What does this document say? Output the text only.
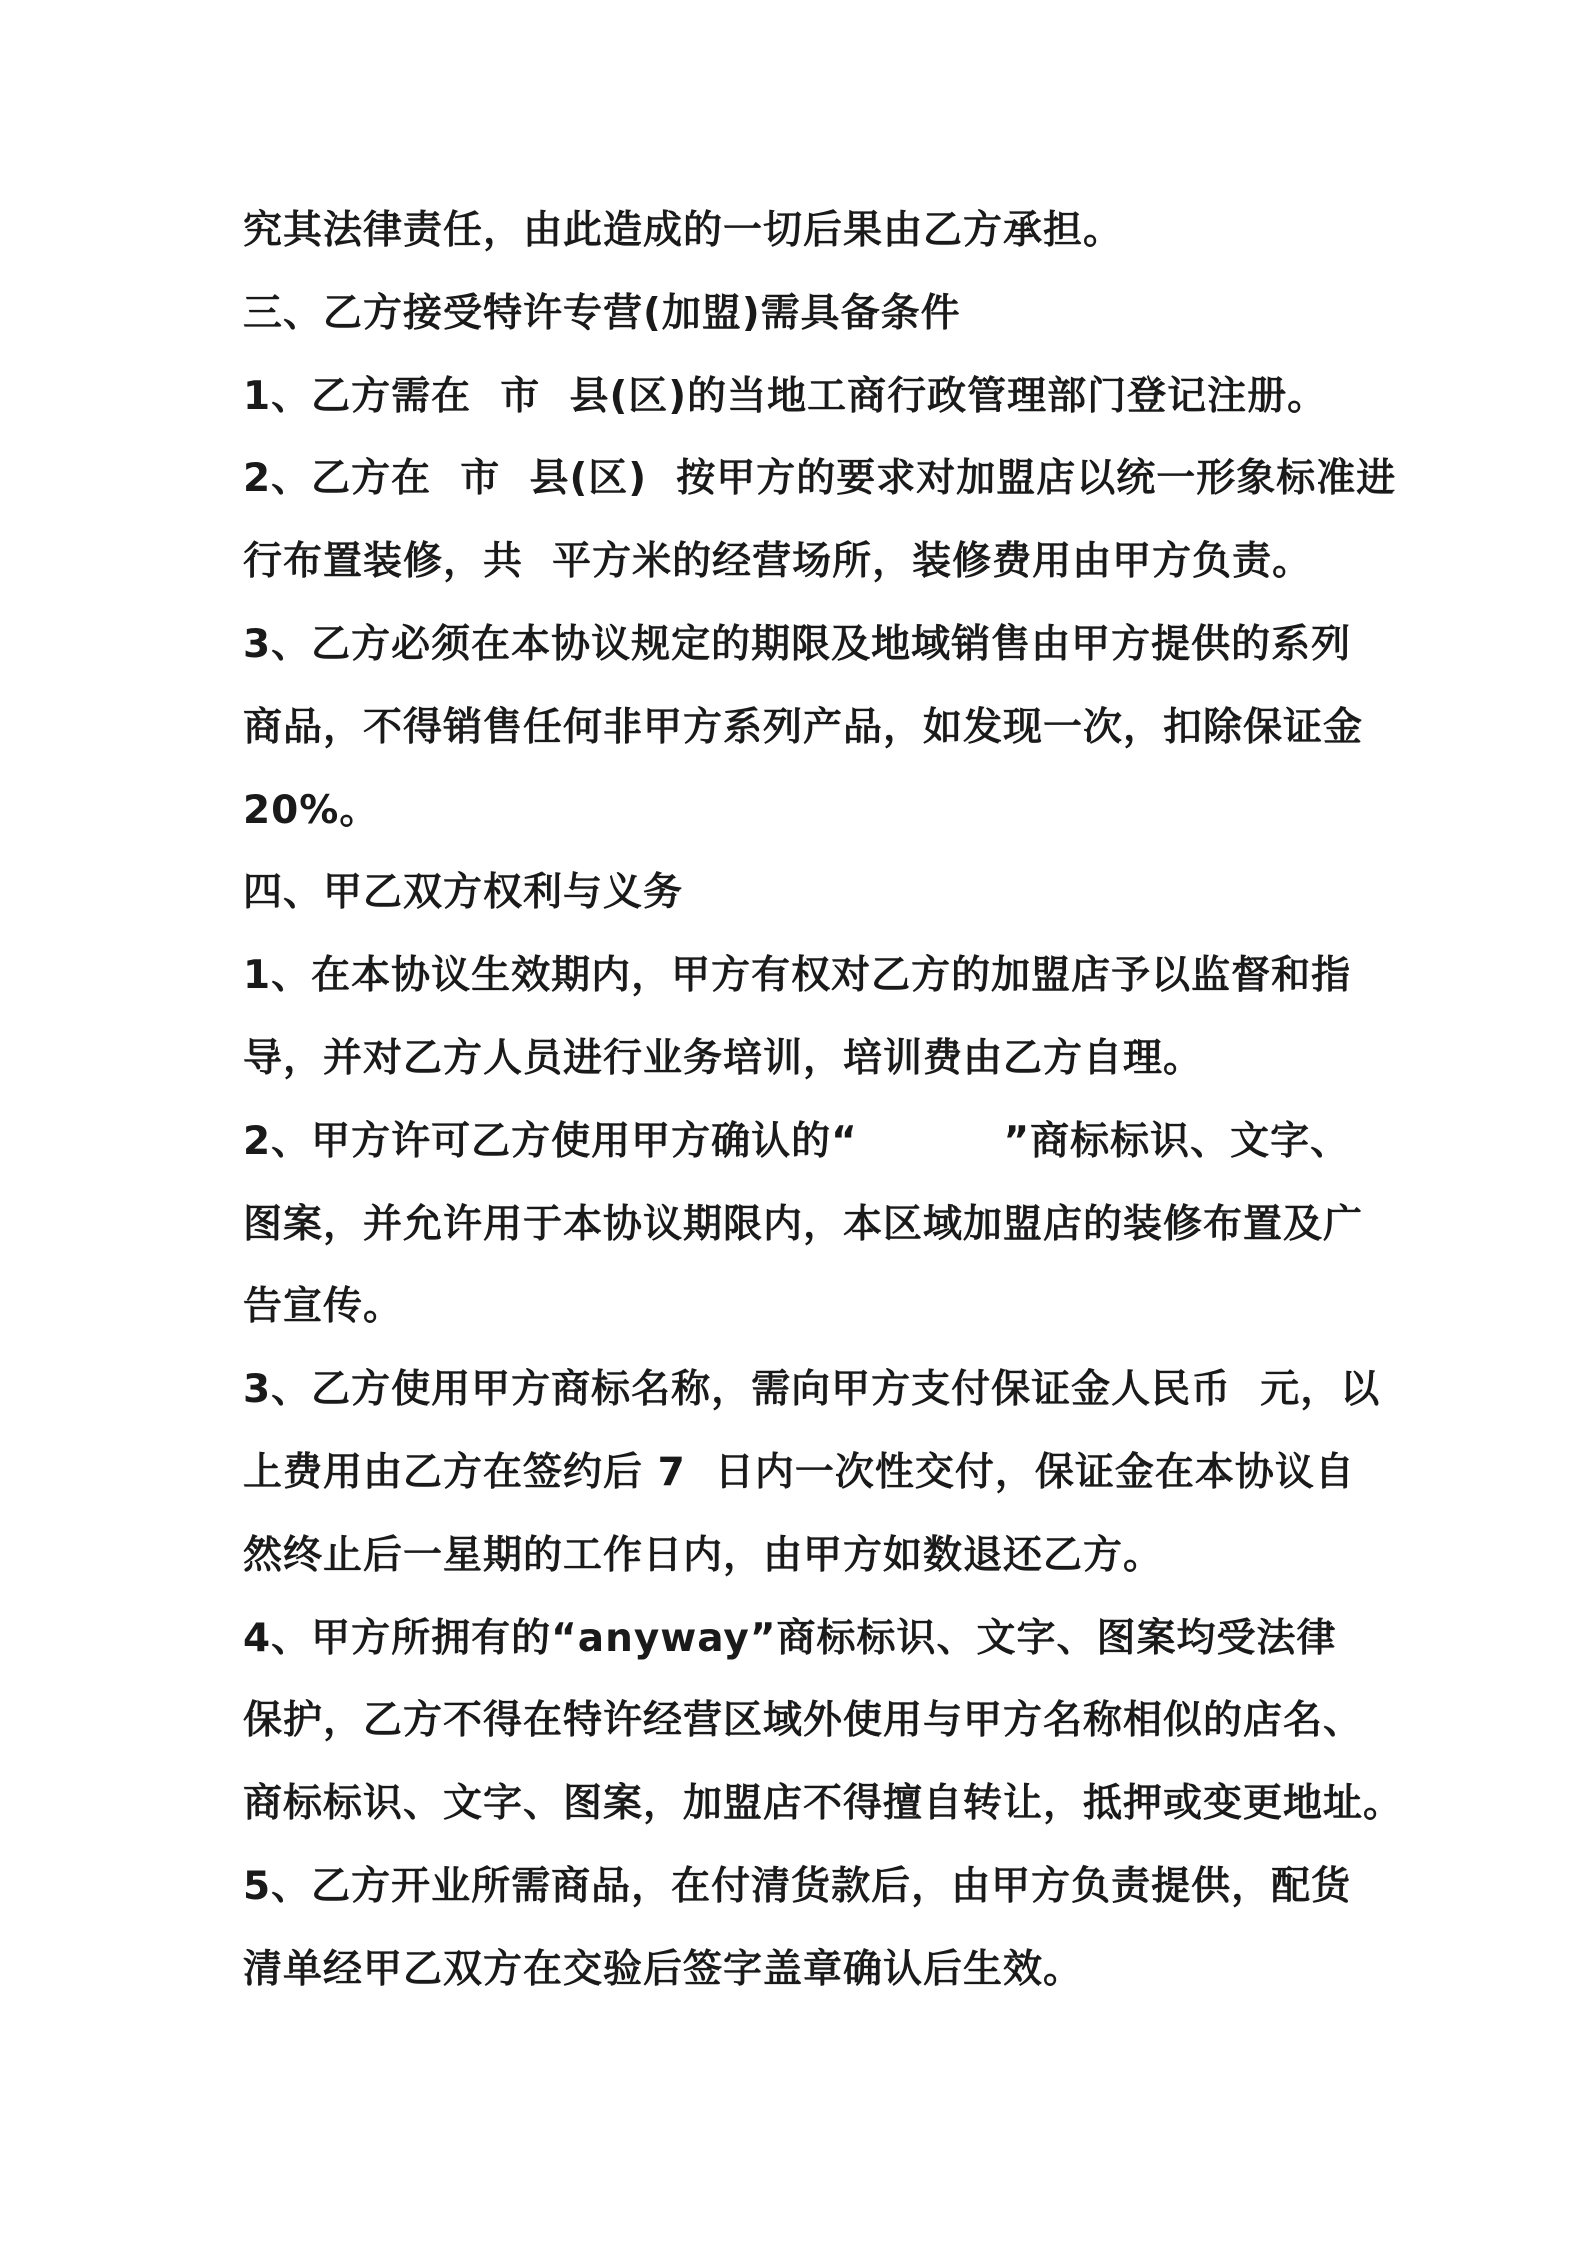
究其法律责任，由此造成的一切后果由乙方承担。
三、乙方接受特许专营(加盟)需具备条件
1、乙方需在  市  县(区)的当地工商行政管理部门登记注册。
2、乙方在  市  县(区)  按甲方的要求对加盟店以统一形象标准进
行布置装修，共  平方米的经营场所，装修费用由甲方负责。
3、乙方必须在本协议规定的期限及地域销售由甲方提供的系列
商品，不得销售任何非甲方系列产品，如发现一次，扣除保证金
20%。
四、甲乙双方权利与义务
1、在本协议生效期内，甲方有权对乙方的加盟店予以监督和指
导，并对乙方人员进行业务培训，培训费由乙方自理。
2、甲方许可乙方使用甲方确认的“          ”商标标识、文字、
图案，并允许用于本协议期限内，本区域加盟店的装修布置及广
告宣传。
3、乙方使用甲方商标名称，需向甲方支付保证金人民币  元，以
上费用由乙方在签约后 7  日内一次性交付，保证金在本协议自
然终止后一星期的工作日内，由甲方如数退还乙方。
4、甲方所拥有的“anyway”商标标识、文字、图案均受法律
保护，乙方不得在特许经营区域外使用与甲方名称相似的店名、
商标标识、文字、图案，加盟店不得擅自转让，抵押或变更地址。
5、乙方开业所需商品，在付清货款后，由甲方负责提供，配货
清单经甲乙双方在交验后签字盖章确认后生效。
